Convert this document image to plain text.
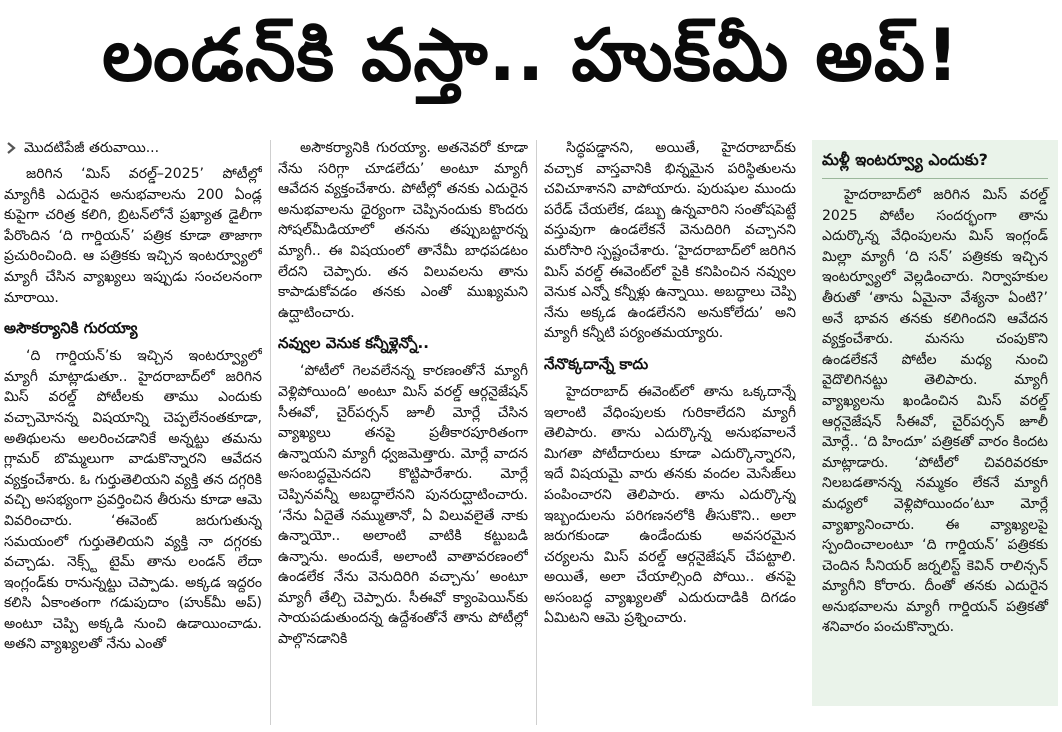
లండన్‌కి వస్తా.. హుక్‌మీ అప్!
మొదటిపేజీ తరువాయి...

జరిగిన ‘మిస్ వరల్డ్–2025’ పోటీల్లో మ్యాగీకి ఎదురైన అనుభవాలను 200 ఏండ్ల కుపైగా చరిత్ర కలిగి, బ్రిటన్‌లోనే ప్రఖ్యాత డైలీగా పేరొందిన ‘ది గార్డియన్’ పత్రిక కూడా తాజాగా ప్రచురించింది. ఆ పత్రికకు ఇచ్చిన ఇంటర్వ్యూలో మ్యాగీ చేసిన వ్యాఖ్యలు ఇప్పుడు సంచలనంగా మారాయి.

అసౌకర్యానికి గురయ్యా

‘ది గార్డియన్’కు ఇచ్చిన ఇంటర్వ్యూలో మ్యాగీ మాట్లాడుతూ.. హైదరాబాద్‌లో జరిగిన మిస్ వరల్డ్ పోటీలకు తాము ఎందుకు వచ్చామోనన్న విషయాన్ని చెప్పలేనంతకూడా, అతిథులను అలరించడానికే అన్నట్టు తమను గ్లామర్ బొమ్మలుగా వాడుకొన్నారని ఆవేదన వ్యక్తంచేశారు. ఓ గుర్తుతెలియని వ్యక్తి తన దగ్గరికి వచ్చి అసభ్యంగా ప్రవర్తించిన తీరును కూడా ఆమె వివరించారు. ‘ఈవెంట్ జరుగుతున్న సమయంలో గుర్తుతెలియని వ్యక్తి నా దగ్గరకు వచ్చాడు. నెక్స్ట్ టైమ్ తాను లండన్ లేదా ఇంగ్లండ్‌కు రానున్నట్టు చెప్పాడు. అక్కడ ఇద్దరం కలిసి ఏకాంతంగా గడుపుదాం (హుక్‌మీ అప్) అంటూ చెప్పి అక్కడి నుంచి ఉడాయించాడు. అతని వ్యాఖ్యలతో నేను ఎంతో

అసౌకర్యానికి గురయ్యా. అతనెవరో కూడా నేను సరిగ్గా చూడలేదు’ అంటూ మ్యాగీ ఆవేదన వ్యక్తంచేశారు. పోటీల్లో తనకు ఎదురైన అనుభవాలను ధైర్యంగా చెప్పినందుకు కొందరు సోషల్‌మీడియాలో తనను తప్పుబట్టారన్న మ్యాగీ.. ఈ విషయంలో తానేమీ బాధపడటం లేదని చెప్పారు. తన విలువలను తాను కాపాడుకోవడం తనకు ఎంతో ముఖ్యమని ఉద్ఘాటించారు.

నవ్వుల వెనుక కన్నీళ్లెన్నో..

‘పోటీలో గెలవలేనన్న కారణంతోనే మ్యాగీ వెళ్లిపోయింది’ అంటూ మిస్ వరల్డ్ ఆర్గనైజేషన్ సీఈవో, చైర్‌పర్సన్ జూలీ మోర్లే చేసిన వ్యాఖ్యలు తనపై ప్రతీకారపూరితంగా ఉన్నాయని మ్యాగీ ధ్వజమెత్తారు. మోర్లే వాదన అసంబద్ధమైనదని కొట్టిపారేశారు. మోర్లే చెప్పినవన్నీ అబద్ధాలేనని పునరుద్ఘాటించారు. ‘నేను ఏదైతే నమ్ముతానో, ఏ విలువలైతే నాకు ఉన్నాయో.. అలాంటి వాటికి కట్టుబడి ఉన్నాను. అందుకే, అలాంటి వాతావరణంలో ఉండలేక నేను వెనుదిరిగి వచ్చాను’ అంటూ మ్యాగీ తేల్చి చెప్పారు. సీఈవో క్యాంపెయిన్‌కు సాయపడుతుందన్న ఉద్దేశంతోనే తాను పోటీల్లో పాల్గొనడానికి

సిద్ధపడ్డానని, అయితే, హైదరాబాద్‌కు వచ్చాక వాస్తవానికి భిన్నమైన పరిస్థితులను చవిచూశానని వాపోయారు. పురుషుల ముందు పరేడ్ చేయలేక, డబ్బు ఉన్నవారిని సంతోషపెట్టే వస్తువుగా ఉండలేకనే వెనుదిరిగి వచ్చానని మరోసారి స్పష్టంచేశారు. ‘హైదరాబాద్‌లో జరిగిన మిస్ వరల్డ్ ఈవెంట్‌లో పైకి కనిపించిన నవ్వుల వెనుక ఎన్నో కన్నీళ్లు ఉన్నాయి. అబద్ధాలు చెప్పి నేను అక్కడ ఉండలేనని అనుకోలేదు’ అని మ్యాగీ కన్నీటి పర్యంతమయ్యారు.

నేనొక్కదాన్నే కాదు

హైదరాబాద్ ఈవెంట్‌లో తాను ఒక్కదాన్నే ఇలాంటి వేధింపులకు గురికాలేదని మ్యాగీ తెలిపారు. తాను ఎదుర్కొన్న అనుభవాలనే మిగతా పోటీదారులు కూడా ఎదుర్కొన్నారని, ఇదే విషయమై వారు తనకు వందల మెసేజ్‌లు పంపించారని తెలిపారు. తాను ఎదుర్కొన్న ఇబ్బందులను పరిగణనలోకి తీసుకొని.. అలా జరుగకుండా ఉండేందుకు అవసరమైన చర్యలను మిస్ వరల్డ్ ఆర్గనైజేషన్ చేపట్టాలి. అయితే, అలా చేయాల్సింది పోయి.. తనపై అసంబద్ధ వ్యాఖ్యలతో ఎదురుదాడికి దిగడం ఏమిటని ఆమె ప్రశ్నించారు.

మళ్లీ ఇంటర్వ్యూ ఎందుకు?

హైదరాబాద్‌లో జరిగిన మిస్ వరల్డ్ 2025 పోటీల సందర్భంగా తాను ఎదుర్కొన్న వేధింపులను మిస్ ఇంగ్లండ్ మిల్లా మ్యాగీ ‘ది సన్’ పత్రికకు ఇచ్చిన ఇంటర్వ్యూలో వెల్లడించారు. నిర్వాహకుల తీరుతో ‘తాను ఏమైనా వేశ్యనా ఏంటి?’ అనే భావన తనకు కలిగిందని ఆవేదన వ్యక్తంచేశారు. మనసు చంపుకొని ఉండలేకనే పోటీల మధ్య నుంచి వైదొలిగినట్టు తెలిపారు. మ్యాగీ వ్యాఖ్యలను ఖండించిన మిస్ వరల్డ్ ఆర్గనైజేషన్ సీఈవో, చైర్‌పర్సన్ జూలీ మోర్లే.. ‘ది హిందూ’ పత్రికతో వారం కిందట మాట్లాడారు. ‘పోటీలో చివరివరకూ నిలబడతానన్న నమ్మకం లేకనే మ్యాగీ మధ్యలో వెళ్లిపోయిందం’టూ మోర్లే వ్యాఖ్యానించారు. ఈ వ్యాఖ్యలపై స్పందించాలంటూ ‘ది గార్డియన్’ పత్రికకు చెందిన సీనియర్ జర్నలిస్ట్ కెవిన్ రాలిన్సన్ మ్యాగీని కోరారు. దీంతో తనకు ఎదురైన అనుభవాలను మ్యాగీ గార్డియన్ పత్రికతో శనివారం పంచుకొన్నారు.
